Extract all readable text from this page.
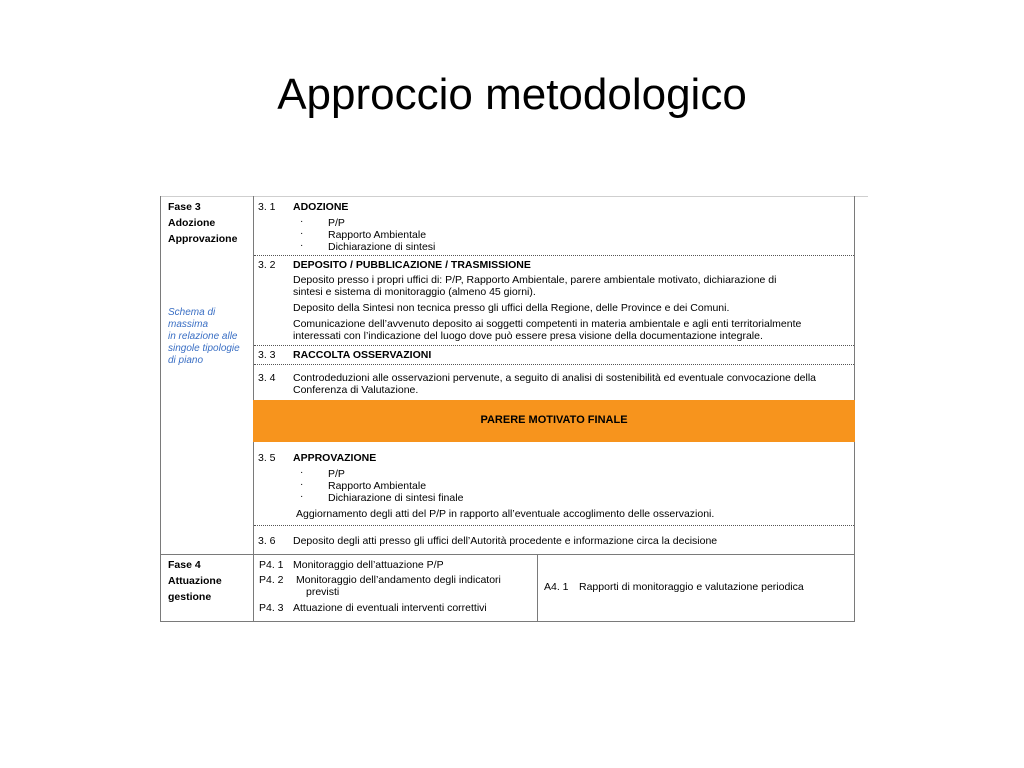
Approccio metodologico
Fase 3
Adozione
Approvazione
Schema di
massima
in relazione alle
singole tipologie
di piano
3. 1 ADOZIONE
· P/P
· Rapporto Ambientale
· Dichiarazione di sintesi
3. 2 DEPOSITO / PUBBLICAZIONE / TRASMISSIONE
Deposito presso i propri uffici di: P/P, Rapporto Ambientale, parere ambientale motivato, dichiarazione di
sintesi e sistema di monitoraggio (almeno 45 giorni).
Deposito della Sintesi non tecnica presso gli uffici della Regione, delle Province e dei Comuni.
Comunicazione dell’avvenuto deposito ai soggetti competenti in materia ambientale e agli enti territorialmente
interessati con l’indicazione del luogo dove può essere presa visione della documentazione integrale.
3. 3 RACCOLTA OSSERVAZIONI
3. 4 Controdeduzioni alle osservazioni pervenute, a seguito di analisi di sostenibilità ed eventuale convocazione della
Conferenza di Valutazione.
PARERE MOTIVATO FINALE
3. 5 APPROVAZIONE
· P/P
· Rapporto Ambientale
· Dichiarazione di sintesi finale
Aggiornamento degli atti del P/P in rapporto all’eventuale accoglimento delle osservazioni.
3. 6 Deposito degli atti presso gli uffici dell’Autorità procedente e informazione circa la decisione
Fase 4
Attuazione
gestione
P4. 1 Monitoraggio dell’attuazione P/P
P4. 2 Monitoraggio dell’andamento degli indicatori
previsti
P4. 3 Attuazione di eventuali interventi correttivi
A4. 1 Rapporti di monitoraggio e valutazione periodica
